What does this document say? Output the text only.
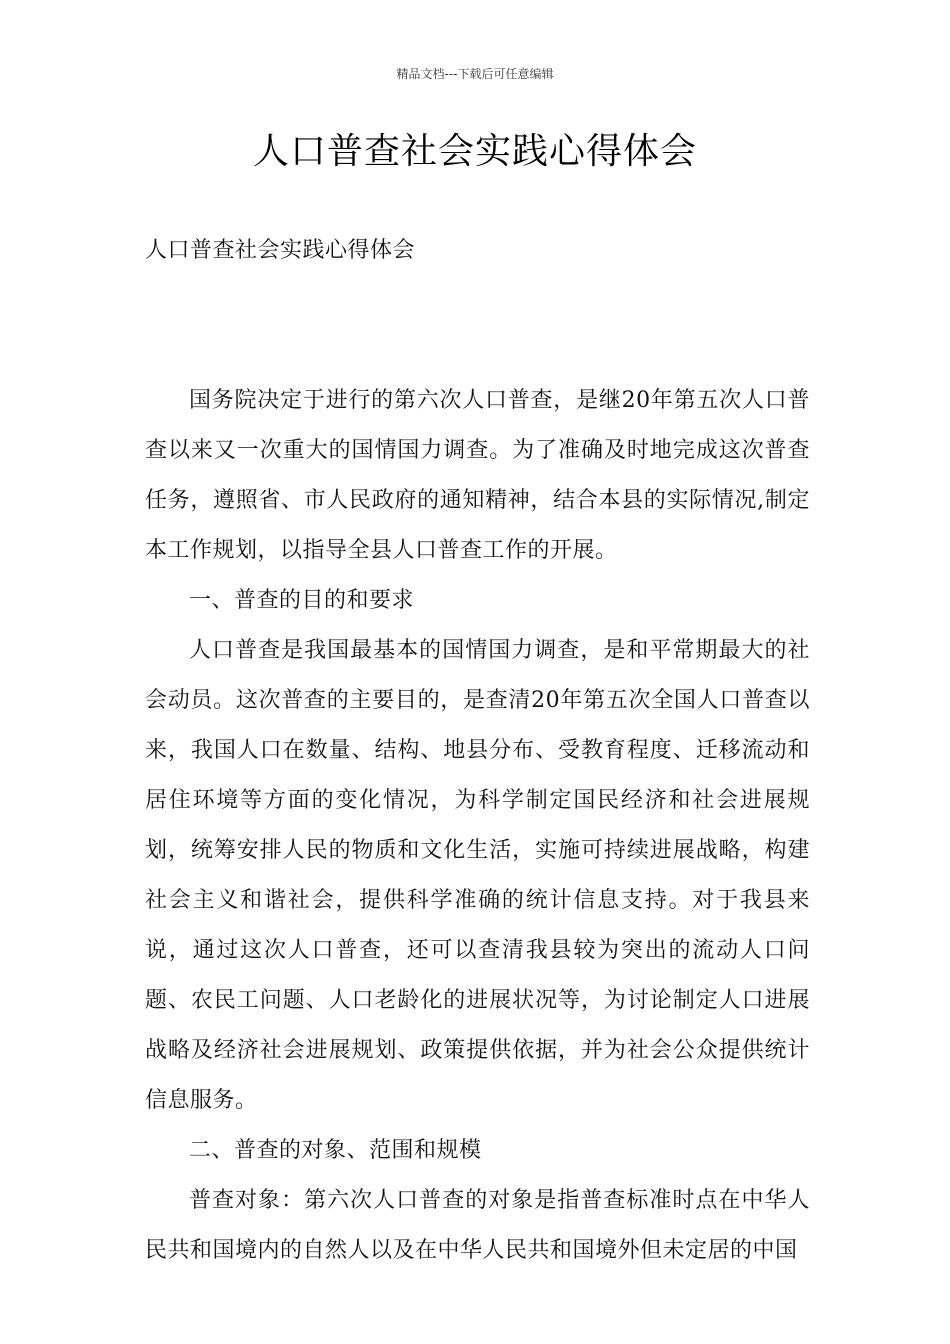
精品文档---下载后可任意编辑
人口普查社会实践心得体会
人口普查社会实践心得体会

国务院决定于进行的第六次人口普查，是继20年第五次人口普查以来又一次重大的国情国力调查。为了准确及时地完成这次普查任务，遵照省、市人民政府的通知精神，结合本县的实际情况,制定本工作规划，以指导全县人口普查工作的开展。

一、普查的目的和要求

人口普查是我国最基本的国情国力调查，是和平常期最大的社会动员。这次普查的主要目的，是查清20年第五次全国人口普查以来，我国人口在数量、结构、地县分布、受教育程度、迁移流动和居住环境等方面的变化情况，为科学制定国民经济和社会进展规划，统筹安排人民的物质和文化生活，实施可持续进展战略，构建社会主义和谐社会，提供科学准确的统计信息支持。对于我县来说，通过这次人口普查，还可以查清我县较为突出的流动人口问题、农民工问题、人口老龄化的进展状况等，为讨论制定人口进展战略及经济社会进展规划、政策提供依据，并为社会公众提供统计信息服务。

二、普查的对象、范围和规模

普查对象：第六次人口普查的对象是指普查标准时点在中华人民共和国境内的自然人以及在中华人民共和国境外但未定居的中国
